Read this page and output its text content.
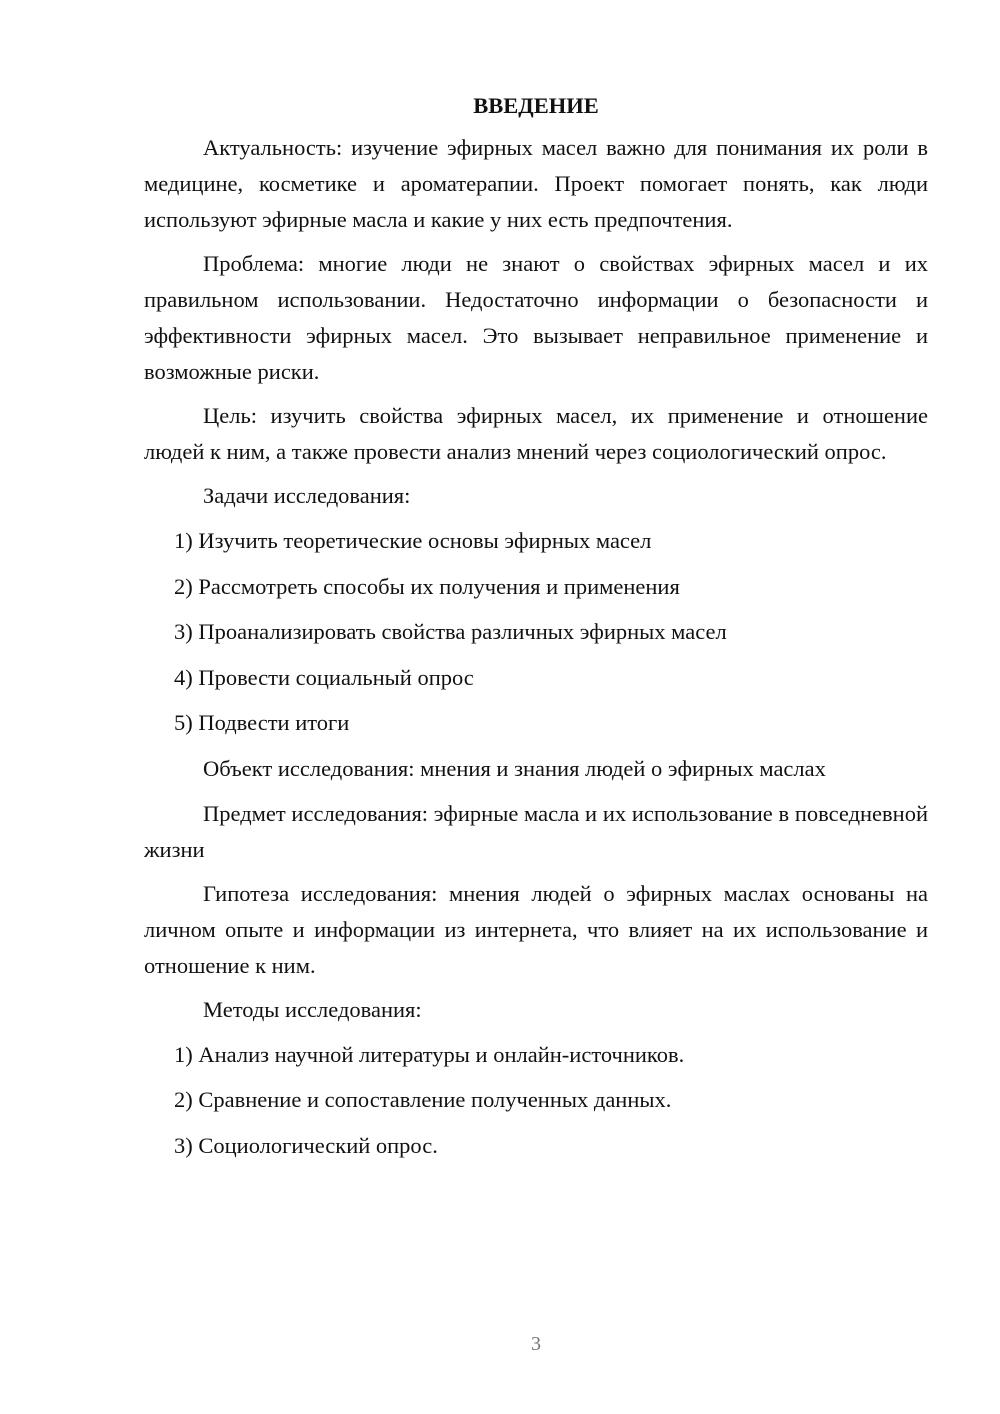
ВВЕДЕНИЕ

Актуальность: изучение эфирных масел важно для понимания их роли в медицине, косметике и ароматерапии. Проект помогает понять, как люди используют эфирные масла и какие у них есть предпочтения.

Проблема: многие люди не знают о свойствах эфирных масел и их правильном использовании. Недостаточно информации о безопасности и эффективности эфирных масел. Это вызывает неправильное применение и возможные риски.

Цель: изучить свойства эфирных масел, их применение и отношение людей к ним, а также провести анализ мнений через социологический опрос.

Задачи исследования:

1) Изучить теоретические основы эфирных масел
2) Рассмотреть способы их получения и применения
3) Проанализировать свойства различных эфирных масел
4) Провести социальный опрос
5) Подвести итоги

Объект исследования: мнения и знания людей о эфирных маслах

Предмет исследования: эфирные масла и их использование в повседневной жизни

Гипотеза исследования: мнения людей о эфирных маслах основаны на личном опыте и информации из интернета, что влияет на их использование и отношение к ним.

Методы исследования:

1) Анализ научной литературы и онлайн-источников.
2) Сравнение и сопоставление полученных данных.
3) Социологический опрос.
3
